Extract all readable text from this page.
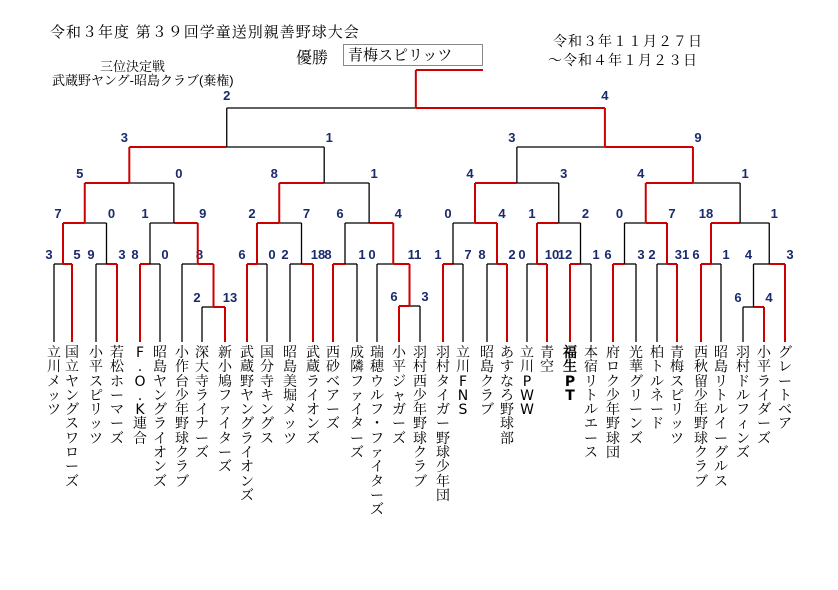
令和３年度 第３９回学童送別親善野球大会
優勝	青梅スピリッツ
令和３年１１月２７日
～令和４年１月２３日
三位決定戦
武蔵野ヤング-昭島クラブ(棄権)
2 13	6 3	6 4
3 5 9 3 8 0 8	6 0 2 18 8 1 0 11 1 7 8 2 0 10
12 1 6 3 2 31 6 1 4	3
7	0 1	9	2	7 6	4	0	4 1	2 0	7 18	1
5	0	8	1	4	3	4	1
3	1	3	9
2	4
立
川
メ
ッ
ツ
国
立
ヤ
ン
グ
ス
ワ
ロ
ー
ズ
小
平
ス
ピ
リ
ッ
ツ
若
松
ホ
ー
マ
ー
ズ
F
.
O
.
K
連
合
昭
島
ヤ
ン
グ
ラ
イ
オ
ン
ズ
小
作
台
少
年
野
球
ク
ラ
ブ
深
大
寺
ラ
イ
ナ
ー
ズ
新
小
鳩
フ
ァ
イ
タ
ー
ズ
武
蔵
野
ヤ
ン
グ
ラ
イ
オ
ン
ズ
国
分
寺
キ
ン
グ
ス
昭
島
美
堀
メ
ッ
ツ
武
蔵
ラ
イ
オ
ン
ズ
西
砂
ベ
ア
ー
ズ
成
隣
フ
ァ
イ
タ
ー
ズ
瑞
穂
ウ
ル
フ
・
フ
ァ
イ
タ
ー
ズ
小
平
ジ
ャ
ガ
ー
ズ
羽
村
西
少
年
野
球
ク
ラ
ブ
羽
村
タ
イ
ガ
ー
野
球
少
年
団
立
川
F
N
S
昭
島
ク
ラ
ブ
あ
す
な
ろ
野
球
部
立
川
P
W
W
青
空
福
生
P
T
本
宿
リ
ト
ル
エ
ー
ス
府
ロ
ク
少
年
野
球
団
光
華
グ
リ
ー
ン
ズ
柏
ト
ル
ネ
ー
ド
青
梅
ス
ピ
リ
ッ
ツ
西
秋
留
少
年
野
球
ク
ラ
ブ
昭
島
リ
ト
ル
イ
ー
グ
ル
ス
羽
村
ド
ル
フ
ィ
ン
ズ
小
平
ラ
イ
ダ
ー
ズ
グ
レ
ー
ト
ベ
ア
